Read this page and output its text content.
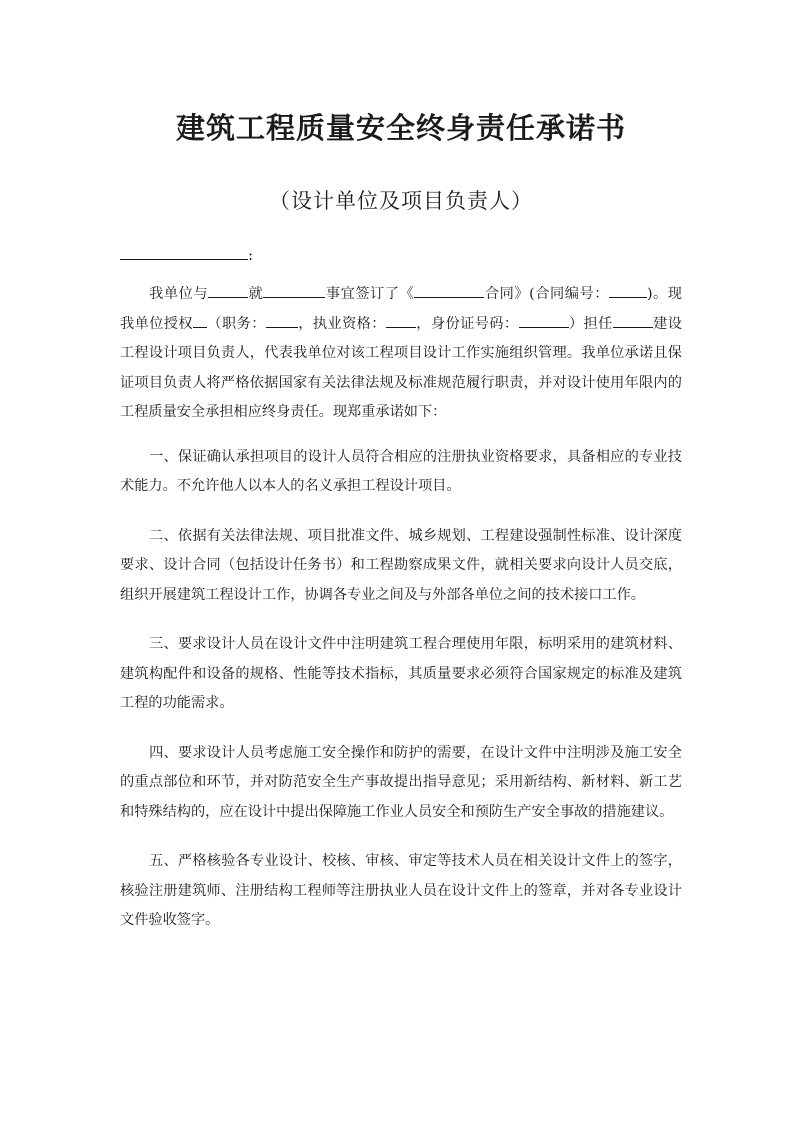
建筑工程质量安全终身责任承诺书
（设计单位及项目负责人）
:

我单位与	就	事宜签订了《	合同》(合同编号：	)。现我单位授权 （职务： ，执业资格： ，身份证号码：	）担任	建设工程设计项目负责人，代表我单位对该工程项目设计工作实施组织管理。我单位承诺且保证项目负责人将严格依据国家有关法律法规及标准规范履行职责，并对设计使用年限内的工程质量安全承担相应终身责任。现郑重承诺如下：

一、保证确认承担项目的设计人员符合相应的注册执业资格要求，具备相应的专业技术能力。不允许他人以本人的名义承担工程设计项目。

二、依据有关法律法规、项目批准文件、城乡规划、工程建设强制性标准、设计深度要求、设计合同（包括设计任务书）和工程勘察成果文件，就相关要求向设计人员交底，组织开展建筑工程设计工作，协调各专业之间及与外部各单位之间的技术接口工作。

三、要求设计人员在设计文件中注明建筑工程合理使用年限，标明采用的建筑材料、建筑构配件和设备的规格、性能等技术指标，其质量要求必须符合国家规定的标准及建筑工程的功能需求。

四、要求设计人员考虑施工安全操作和防护的需要，在设计文件中注明涉及施工安全的重点部位和环节，并对防范安全生产事故提出指导意见；采用新结构、新材料、新工艺和特殊结构的，应在设计中提出保障施工作业人员安全和预防生产安全事故的措施建议。

五、严格核验各专业设计、校核、审核、审定等技术人员在相关设计文件上的签字，核验注册建筑师、注册结构工程师等注册执业人员在设计文件上的签章，并对各专业设计文件验收签字。
